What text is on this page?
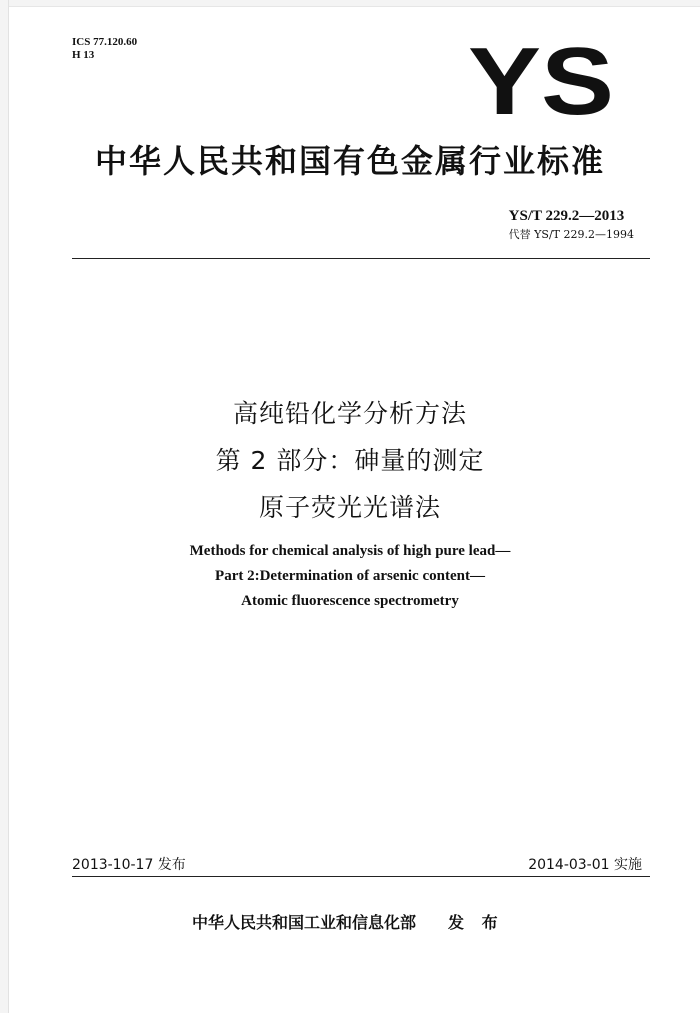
ICS 77.120.60
H 13	YS
中华人民共和国有色金属行业标准
YS/T 229.2—2013
代替 YS/T 229.2—1994
高纯铅化学分析方法
第 2 部分：砷量的测定
原子荧光光谱法
Methods for chemical analysis of high pure lead—
Part 2:Determination of arsenic content—
Atomic fluorescence spectrometry
2013-10-17 发布	2014-03-01 实施
中华人民共和国工业和信息化部 发 布
